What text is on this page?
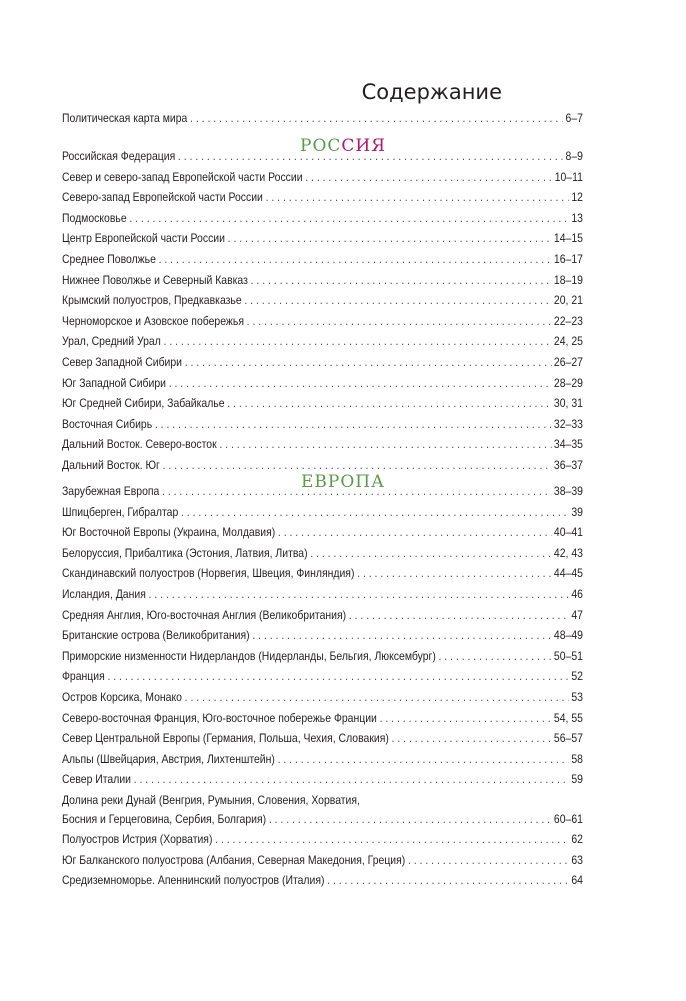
Содержание
Политическая карта мира . . .	6–7
РОССИЯ
Российская Федерация . . .	8–9
Север и северо-запад Европейской части России . . .	10–11
Северо-запад Европейской части России . . .	12
Подмосковье . . .	13
Центр Европейской части России . . .	14–15
Среднее Поволжье . . .	16–17
Нижнее Поволжье и Северный Кавказ . . .	18–19
Крымский полуостров, Предкавказье . . .	20, 21
Черноморское и Азовское побережья . . .	22–23
Урал, Средний Урал . . .	24, 25
Север Западной Сибири . . .	26–27
Юг Западной Сибири . . .	28–29
Юг Средней Сибири, Забайкалье . . .	30, 31
Восточная Сибирь . . .	32–33
Дальний Восток. Северо-восток . . .	34–35
Дальний Восток. Юг . . .	36–37
ЕВРОПА
Зарубежная Европа . . .	38–39
Шпицберген, Гибралтар . . .	39
Юг Восточной Европы (Украина, Молдавия) . . .	40–41
Белоруссия, Прибалтика (Эстония, Латвия, Литва) . . .	42, 43
Скандинавский полуостров (Норвегия, Швеция, Финляндия) . . .	44–45
Исландия, Дания . . .	46
Средняя Англия, Юго-восточная Англия (Великобритания) . . .	47
Британские острова (Великобритания) . . .	48–49
Приморские низменности Нидерландов (Нидерланды, Бельгия, Люксембург) . . .	50–51
Франция . . .	52
Остров Корсика, Монако . . .	53
Северо-восточная Франция, Юго-восточное побережье Франции . . .	54, 55
Север Центральной Европы (Германия, Польша, Чехия, Словакия) . . .	56–57
Альпы (Швейцария, Австрия, Лихтенштейн) . . .	58
Север Италии . . .	59
Долина реки Дунай (Венгрия, Румыния, Словения, Хорватия,
Босния и Герцеговина, Сербия, Болгария) . . .	60–61
Полуостров Истрия (Хорватия) . . .	62
Юг Балканского полуострова (Албания, Северная Македония, Греция) . . .	63
Средиземноморье. Апеннинский полуостров (Италия) . . .	64
